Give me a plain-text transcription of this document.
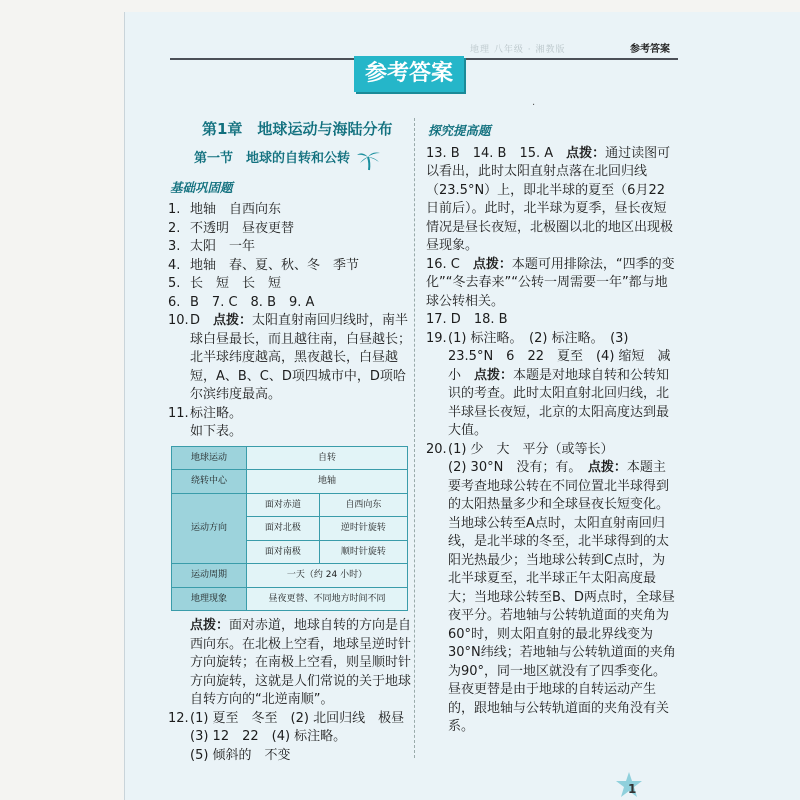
地理 八年级 · 湘教版	参考答案
参考答案
·
第1章　地球运动与海陆分布
第一节　地球的自转和公转
基础巩固题
1. 地轴　自西向东
2. 不透明　昼夜更替
3. 太阳　一年
4. 地轴　春、夏、秋、冬　季节
5. 长　短　长　短
6. B　7. C　8. B　9. A
10. D　点拨：太阳直射南回归线时，南半球白昼最长，而且越往南，白昼越长；北半球纬度越高，黑夜越长，白昼越短，A、B、C、D项四城市中，D项哈尔滨纬度最高。
11. 标注略。
如下表。
地球运动	自转	
绕转中心	地轴	
运动方向	面对赤道	自西向东
	面对北极	逆时针旋转
	面对南极	顺时针旋转
运动周期	一天（约 24 小时）	
地理现象	昼夜更替、不同地方时间不同	
点拨：面对赤道，地球自转的方向是自西向东。在北极上空看，地球呈逆时针方向旋转；在南极上空看，则呈顺时针方向旋转，这就是人们常说的关于地球自转方向的“北逆南顺”。
12. (1) 夏至　冬至　(2) 北回归线　极昼　(3) 12　22　(4) 标注略。
(5) 倾斜的　不变
探究提高题
13. B　14. B　15. A　点拨：通过读图可以看出，此时太阳直射点落在北回归线（23.5°N）上，即北半球的夏至（6月22日前后）。此时，北半球为夏季，昼长夜短情况是昼长夜短，北极圈以北的地区出现极昼现象。
16. C　点拨：本题可用排除法，“四季的变化”“冬去春来”“公转一周需要一年”都与地球公转相关。
17. D　18. B
19. (1) 标注略。　(2) 标注略。　(3) 23.5°N　6　22　夏至　(4) 缩短　减小　点拨：本题是对地球自转和公转知识的考查。此时太阳直射北回归线，北半球昼长夜短，北京的太阳高度达到最大值。
20. (1) 少　大　平分（或等长）
(2) 30°N　没有；有。　点拨：本题主要考查地球公转在不同位置北半球得到的太阳热量多少和全球昼夜长短变化。当地球公转至A点时，太阳直射南回归线，是北半球的冬至，北半球得到的太阳光热最少；当地球公转到C点时，为北半球夏至，北半球正午太阳高度最大；当地球公转至B、D两点时，全球昼夜平分。若地轴与公转轨道面的夹角为60°时，则太阳直射的最北界线变为30°N纬线；若地轴与公转轨道面的夹角为90°，同一地区就没有了四季变化。昼夜更替是由于地球的自转运动产生的，跟地轴与公转轨道面的夹角没有关系。
1
